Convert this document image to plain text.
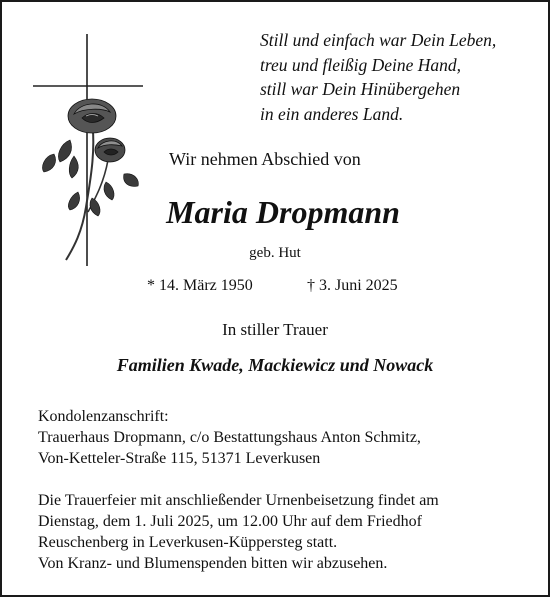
Still und einfach war Dein Leben,
treu und fleißig Deine Hand,
still war Dein Hinübergehen
in ein anderes Land.
Wir nehmen Abschied von
Maria Dropmann
geb. Hut
* 14. März 1950	† 3. Juni 2025
In stiller Trauer
Familien Kwade, Mackiewicz und Nowack
Kondolenzanschrift:
Trauerhaus Dropmann, c/o Bestattungshaus Anton Schmitz,
Von-Ketteler-Straße 115, 51371 Leverkusen
Die Trauerfeier mit anschließender Urnenbeisetzung findet am
Dienstag, dem 1. Juli 2025, um 12.00 Uhr auf dem Friedhof
Reuschenberg in Leverkusen-Küppersteg statt.
Von Kranz- und Blumenspenden bitten wir abzusehen.
